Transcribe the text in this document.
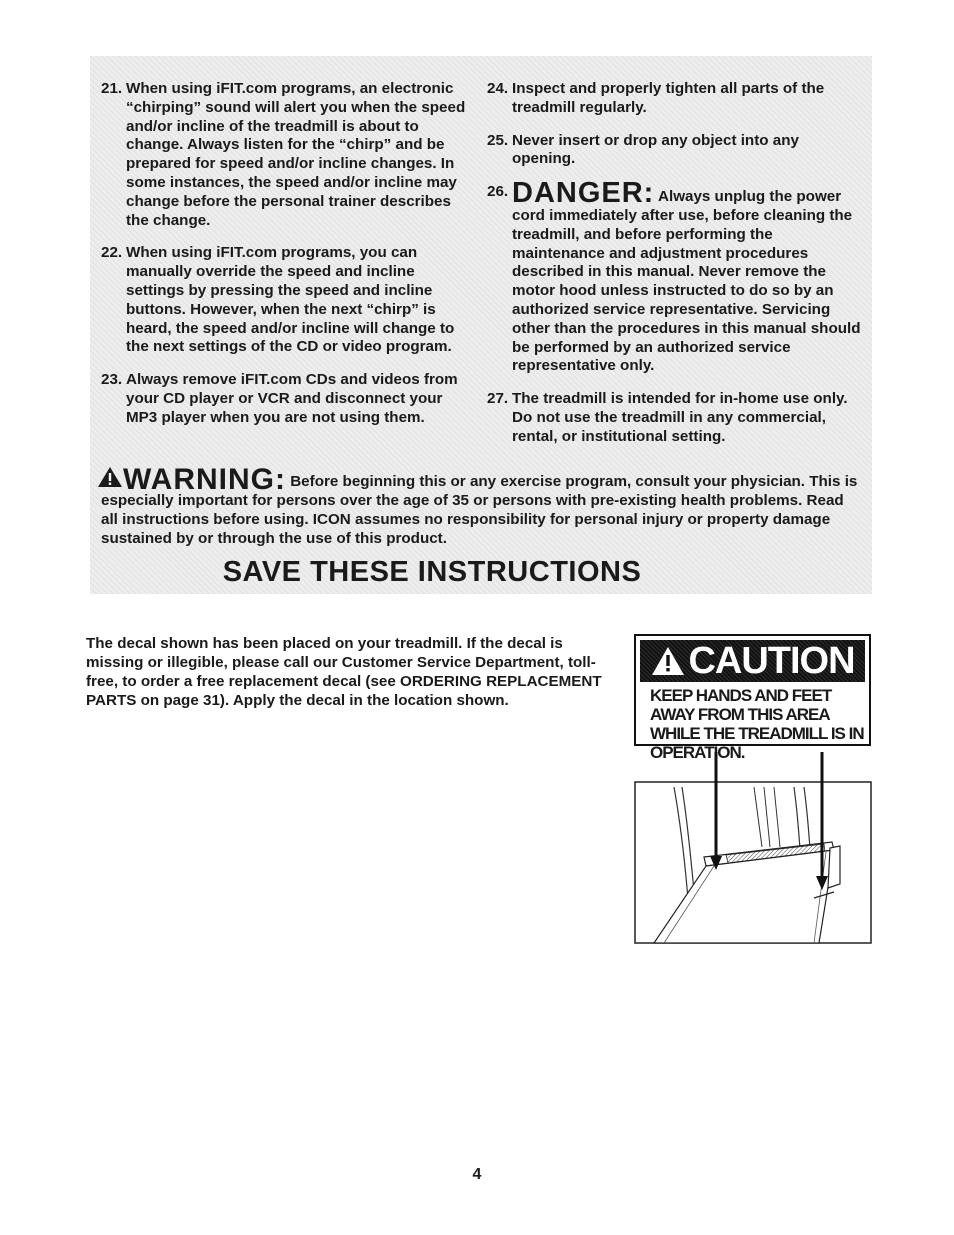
21. When using iFIT.com programs, an electronic “chirping” sound will alert you when the speed and/or incline of the treadmill is about to change. Always listen for the “chirp” and be prepared for speed and/or incline changes. In some instances, the speed and/or incline may change before the personal trainer describes the change.
22. When using iFIT.com programs, you can manually override the speed and incline settings by pressing the speed and incline buttons. However, when the next “chirp” is heard, the speed and/or incline will change to the next settings of the CD or video program.
23. Always remove iFIT.com CDs and videos from your CD player or VCR and disconnect your MP3 player when you are not using them.
24. Inspect and properly tighten all parts of the treadmill regularly.
25. Never insert or drop any object into any opening.
26. DANGER: Always unplug the power cord immediately after use, before cleaning the treadmill, and before performing the maintenance and adjustment procedures described in this manual. Never remove the motor hood unless instructed to do so by an authorized service representative. Servicing other than the procedures in this manual should be performed by an authorized service representative only.
27. The treadmill is intended for in-home use only. Do not use the treadmill in any commercial, rental, or institutional setting.
WARNING: Before beginning this or any exercise program, consult your physician. This is especially important for persons over the age of 35 or persons with pre-existing health problems. Read all instructions before using. ICON assumes no responsibility for personal injury or property damage sustained by or through the use of this product.
SAVE THESE INSTRUCTIONS
The decal shown has been placed on your treadmill. If the decal is missing or illegible, please call our Customer Service Department, toll-free, to order a free replacement decal (see ORDERING REPLACEMENT PARTS on page 31). Apply the decal in the location shown.
CAUTION
KEEP HANDS AND FEET AWAY FROM THIS AREA WHILE THE TREADMILL IS IN OPERATION.
4
